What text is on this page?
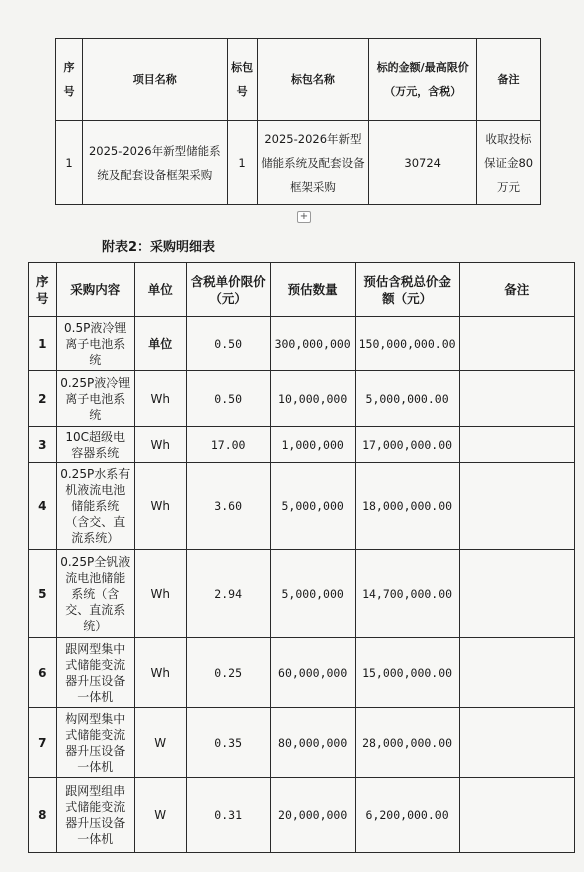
序号	项目名称	标包号	标包名称	标的金额/最高限价（万元，含税）	备注
1	2025-2026年新型储能系统及配套设备框架采购	1	2025-2026年新型储能系统及配套设备框架采购	30724	收取投标保证金80万元
+
附表2：采购明细表
序号	采购内容	单位	含税单价限价（元）	预估数量	预估含税总价金额（元）	备注
1	0.5P液冷锂离子电池系统	单位	0.50	300,000,000	150,000,000.00	
2	0.25P液冷锂离子电池系统	Wh	0.50	10,000,000	5,000,000.00	
3	10C超级电容器系统	Wh	17.00	1,000,000	17,000,000.00	
4	0.25P水系有机液流电池储能系统（含交、直流系统）	Wh	3.60	5,000,000	18,000,000.00	
5	0.25P全钒液流电池储能系统（含交、直流系统）	Wh	2.94	5,000,000	14,700,000.00	
6	跟网型集中式储能变流器升压设备一体机	Wh	0.25	60,000,000	15,000,000.00	
7	构网型集中式储能变流器升压设备一体机	W	0.35	80,000,000	28,000,000.00	
8	跟网型组串式储能变流器升压设备一体机	W	0.31	20,000,000	6,200,000.00	
